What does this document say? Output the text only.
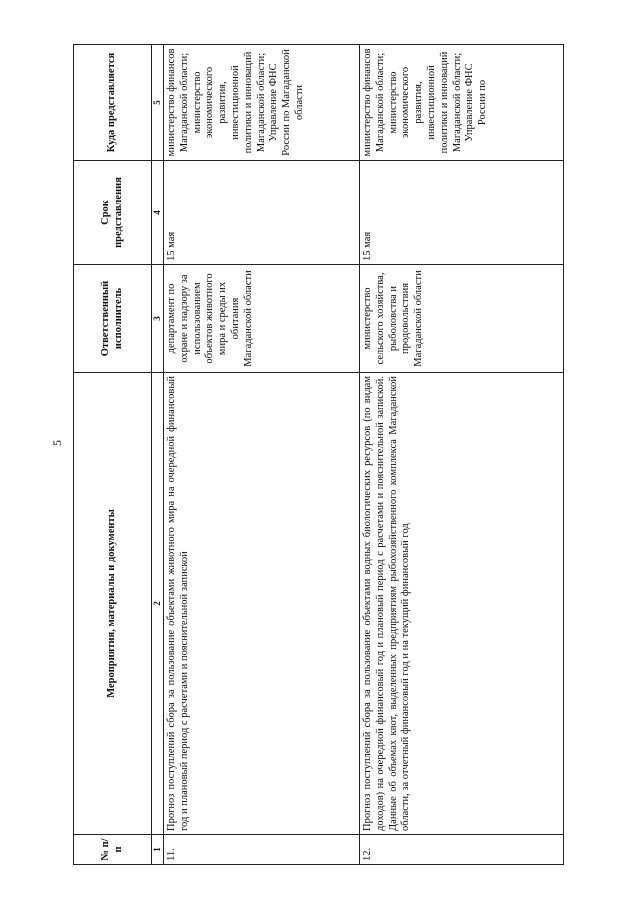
5
№ п/п	Мероприятия, материалы и документы	Ответственный исполнитель	Срок представления	Куда представляется
1	2	3	4	5
11.	Прогноз поступлений сбора за пользование объектами животного мира на очередной финансовый год и плановый период с расчетами и пояснительной запиской	департамент по охране и надзору за использованием объектов животного мира и среды их обитания Магаданской области	15 мая	министерство финансов Магаданской области; министерство экономического развития, инвестиционной политики и инноваций Магаданской области; Управление ФНС России по Магаданской области
12.	Прогноз поступлений сбора за пользование объектами водных биологических ресурсов (по видам доходов) на очередной финансовый год и плановый период с расчетами и пояснительной запиской. Данные об объемах квот, выделенных предприятиям рыбохозяйственного комплекса Магаданской области, за отчетный финансовый год и на текущий финансовый год	министерство сельского хозяйства, рыболовства и продовольствия Магаданской области	15 мая	министерство финансов Магаданской области; министерство экономического развития, инвестиционной политики и инноваций Магаданской области; Управление ФНС России по
